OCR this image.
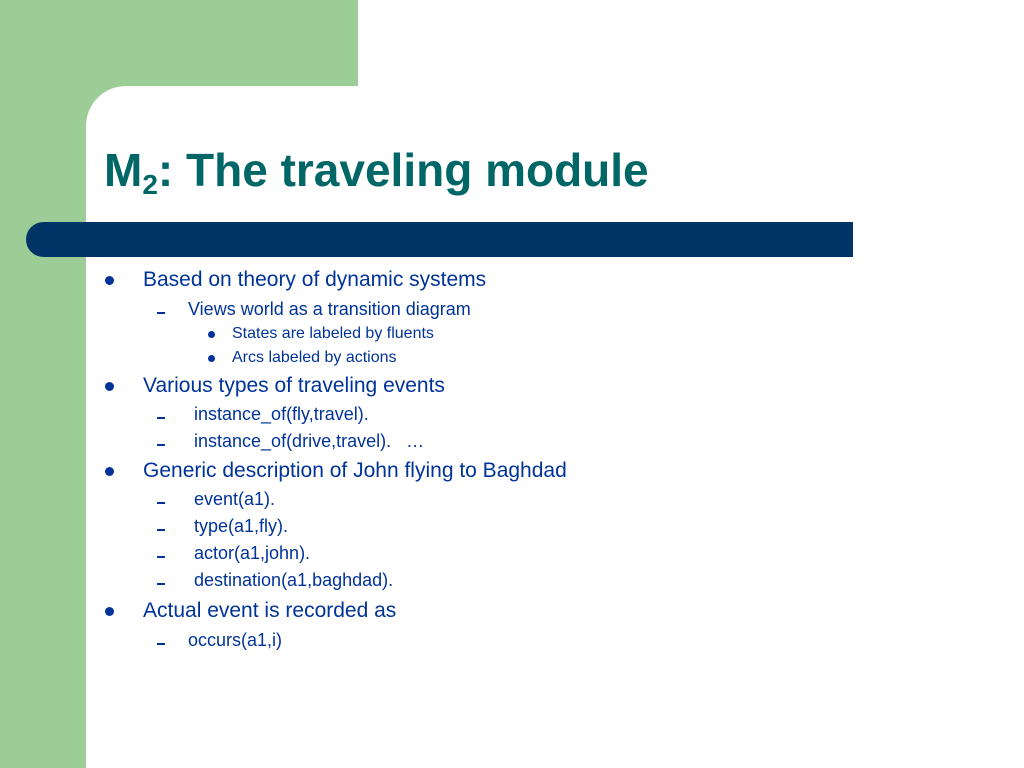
$M_2$: The traveling module
Based on theory of dynamic systems
Views world as a transition diagram
States are labeled by fluents
Arcs labeled by actions
Various types of traveling events
instance_of(fly,travel).
instance_of(drive,travel).   …
Generic description of John flying to Baghdad
event(a1).
type(a1,fly).
actor(a1,john).
destination(a1,baghdad).
Actual event is recorded as
occurs(a1,i)
